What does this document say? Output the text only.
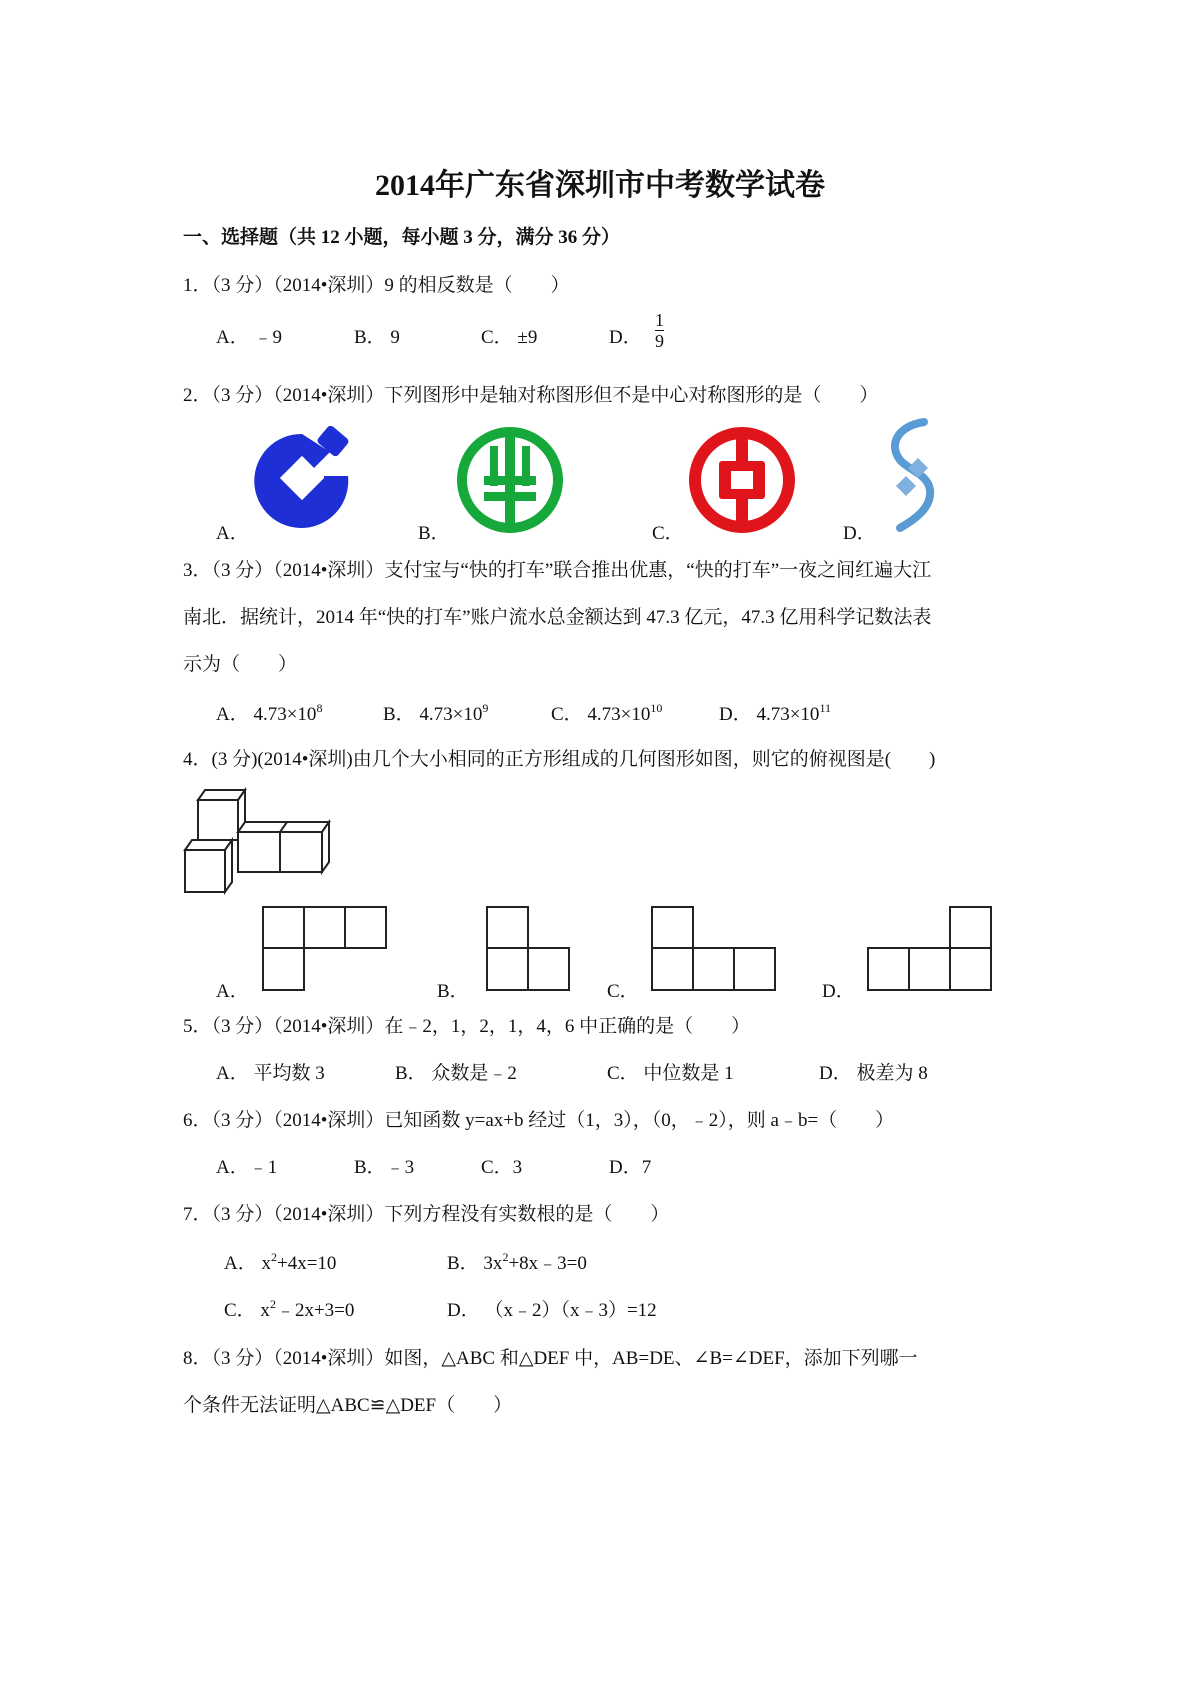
2014年广东省深圳市中考数学试卷
一、选择题（共 12 小题，每小题 3 分，满分 36 分）
1．（3 分）（2014•深圳）9 的相反数是（　　）
A． ﹣9	B． 9	C． ±9	D． $\frac{1}{9}$
2．（3 分）（2014•深圳）下列图形中是轴对称图形但不是中心对称图形的是（　　）
A．	B．	C．	D．
3．（3 分）（2014•深圳）支付宝与“快的打车”联合推出优惠，“快的打车”一夜之间红遍大江
南北．据统计，2014 年“快的打车”账户流水总金额达到 47.3 亿元，47.3 亿用科学记数法表
示为（　　）
A． $4.73\times 10^8$	B． $4.73\times 10^9$	C． $4.73\times 10^{10}$	D． $4.73\times 10^{11}$
4．(3 分)(2014•深圳)由几个大小相同的正方形组成的几何图形如图，则它的俯视图是(　　)
A．	B．	C．	D．
5．（3 分）（2014•深圳）在﹣2，1，2，1，4，6 中正确的是（　　）
A． 平均数 3	B． 众数是﹣2	C． 中位数是 1	D． 极差为 8
6．（3 分）（2014•深圳）已知函数 y=ax+b 经过（1，3），（0，﹣2），则 a﹣b=（　　）
A．﹣1	B．﹣3	C．3	D．7
7．（3 分）（2014•深圳）下列方程没有实数根的是（　　）
A． $x^2+4x=10$	B． $3x^2+8x﹣3=0$
C． $x^2﹣2x+3=0$	D． （x﹣2）（x﹣3）=12
8．（3 分）（2014•深圳）如图，△ABC 和△DEF 中，AB=DE、∠B=∠DEF，添加下列哪一
个条件无法证明△ABC≌△DEF（　　）
